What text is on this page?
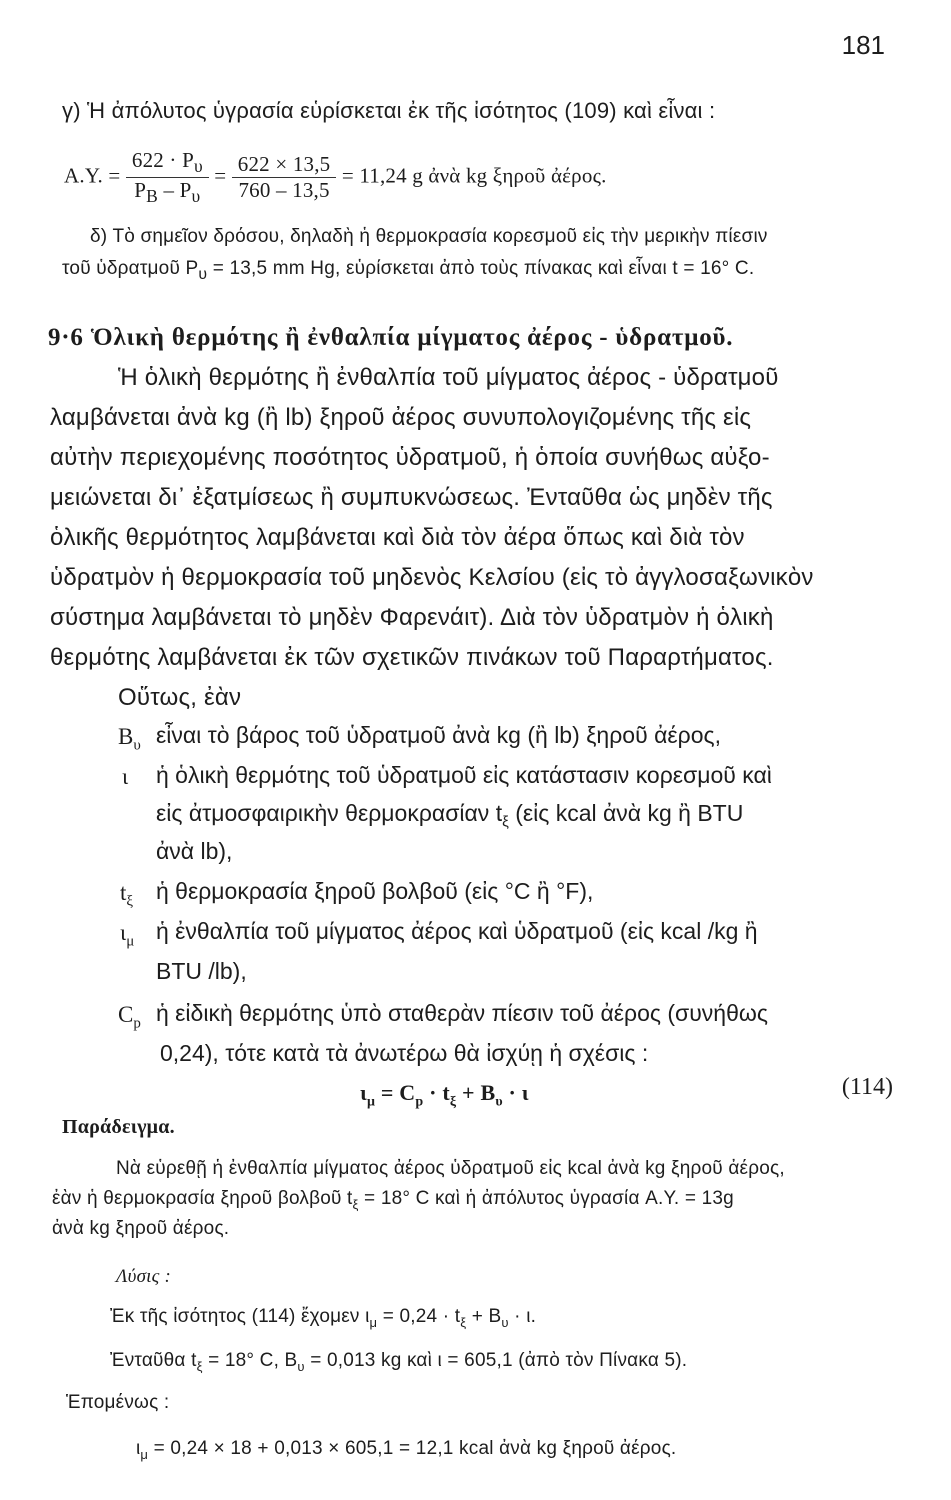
181
γ) Ἡ ἀπόλυτος ὑγρασία εὑρίσκεται ἐκ τῆς ἰσότητος (109) καὶ εἶναι :
A.Y. = $\frac{622 \cdot P_\upsilon}{P_B - P_\upsilon} = \frac{622 \times 13,5}{760 - 13,5} = 11,24$ g ἀνὰ kg ξηροῦ ἀέρος.
δ) Τὸ σημεῖον δρόσου, δηλαδὴ ἡ θερμοκρασία κορεσμοῦ εἰς τὴν μερικὴν πίεσιν
τοῦ ὑδρατμοῦ $P_\upsilon = 13,5$ mm Hg, εὑρίσκεται ἀπὸ τοὺς πίνακας καὶ εἶναι t = 16° C.
9·6 Ὁλικὴ θερμότης ἢ ἐνθαλπία μίγματος ἀέρος - ὑδρατμοῦ.
Ἡ ὁλικὴ θερμότης ἢ ἐνθαλπία τοῦ μίγματος ἀέρος - ὑδρατμοῦ
λαμβάνεται ἀνὰ kg (ἢ lb) ξηροῦ ἀέρος συνυπολογιζομένης τῆς εἰς
αὐτὴν περιεχομένης ποσότητος ὑδρατμοῦ, ἡ ὁποία συνήθως αὐξο-
μειώνεται δι᾽ ἐξατμίσεως ἢ συμπυκνώσεως. Ἐνταῦθα ὡς μηδὲν τῆς
ὁλικῆς θερμότητος λαμβάνεται καὶ διὰ τὸν ἀέρα ὅπως καὶ διὰ τὸν
ὑδρατμὸν ἡ θερμοκρασία τοῦ μηδενὸς Κελσίου (εἰς τὸ ἀγγλοσαξωνικὸν
σύστημα λαμβάνεται τὸ μηδὲν Φαρενάιτ). Διὰ τὸν ὑδρατμὸν ἡ ὁλικὴ
θερμότης λαμβάνεται ἐκ τῶν σχετικῶν πινάκων τοῦ Παραρτήματος.
Οὕτως, ἐὰν
$B_\upsilon$ εἶναι τὸ βάρος τοῦ ὑδρατμοῦ ἀνὰ kg (ἢ lb) ξηροῦ ἀέρος,
ι ἡ ὁλικὴ θερμότης τοῦ ὑδρατμοῦ εἰς κατάστασιν κορεσμοῦ καὶ
εἰς ἀτμοσφαιρικὴν θερμοκρασίαν $t_\xi$ (εἰς kcal ἀνὰ kg ἢ BTU
ἀνὰ lb),
$t_\xi$ ἡ θερμοκρασία ξηροῦ βολβοῦ (εἰς °C ἢ °F),
$\iota_\mu$ ἡ ἐνθαλπία τοῦ μίγματος ἀέρος καὶ ὑδρατμοῦ (εἰς kcal /kg ἢ
BTU /lb),
$C_p$ ἡ εἰδικὴ θερμότης ὑπὸ σταθερὰν πίεσιν τοῦ ἀέρος (συνήθως
0,24), τότε κατὰ τὰ ἀνωτέρω θὰ ἰσχύῃ ἡ σχέσις :
$\iota_\mu = C_p \cdot t_\xi + B_\upsilon \cdot \iota$	(114)
Παράδειγμα.
Νὰ εὑρεθῇ ἡ ἐνθαλπία μίγματος ἀέρος ὑδρατμοῦ εἰς kcal ἀνὰ kg ξηροῦ ἀέρος,
ἐὰν ἡ θερμοκρασία ξηροῦ βολβοῦ $t_\xi = 18^\circ$ C καὶ ἡ ἀπόλυτος ὑγρασία A.Y. = 13g
ἀνὰ kg ξηροῦ ἀέρος.
Λύσις :
Ἐκ τῆς ἰσότητος (114) ἔχομεν $\iota_\mu = 0,24 \cdot t_\xi + B_\upsilon \cdot \iota$.
Ἐνταῦθα $t_\xi = 18^\circ$ C, $B_\upsilon = 0,013$ kg καὶ ι = 605,1 (ἀπὸ τὸν Πίνακα 5).
Ἑπομένως :
$\iota_\mu = 0,24 \times 18 + 0,013 \times 605,1 = 12,1$ kcal ἀνὰ kg ξηροῦ ἀέρος.
